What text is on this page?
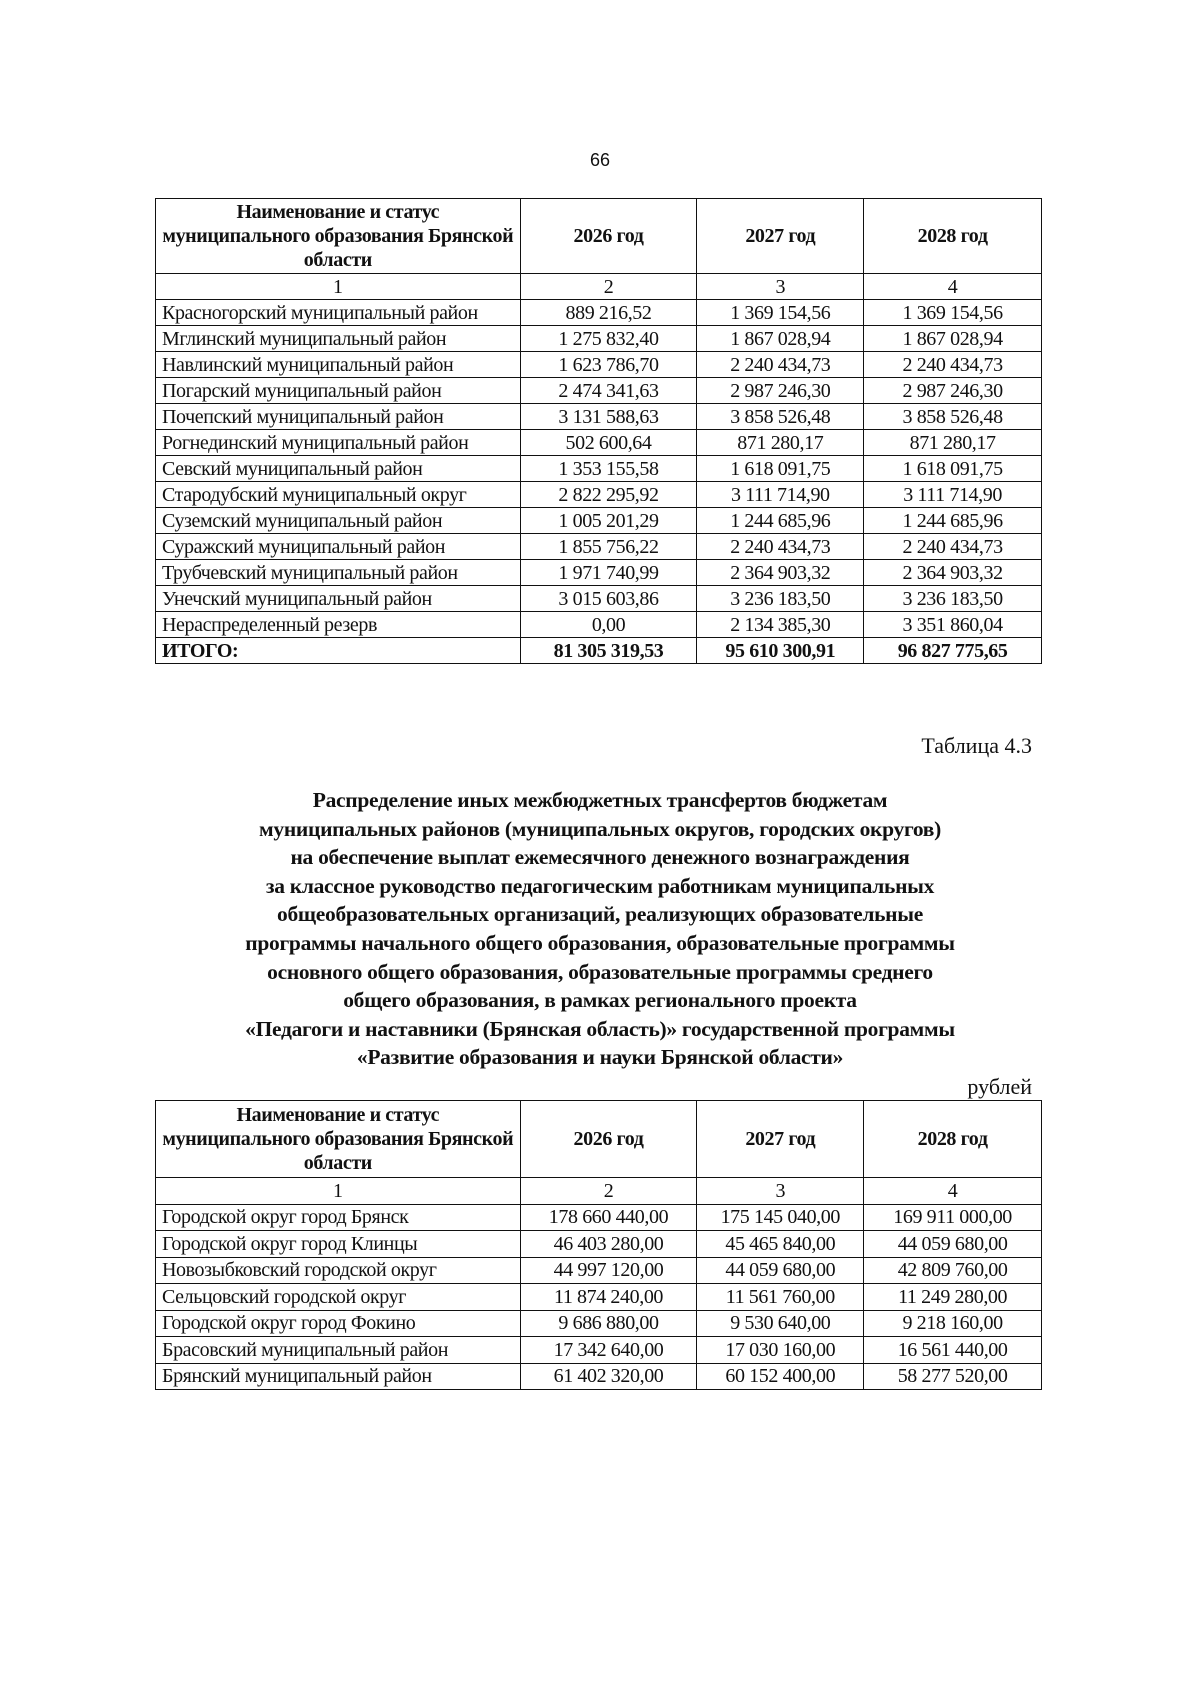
66
Наименование и статус муниципального образования Брянской области	2026 год	2027 год	2028 год
1	2	3	4
Красногорский муниципальный район	889 216,52	1 369 154,56	1 369 154,56
Мглинский муниципальный район	1 275 832,40	1 867 028,94	1 867 028,94
Навлинский муниципальный район	1 623 786,70	2 240 434,73	2 240 434,73
Погарский муниципальный район	2 474 341,63	2 987 246,30	2 987 246,30
Почепский муниципальный район	3 131 588,63	3 858 526,48	3 858 526,48
Рогнединский муниципальный район	502 600,64	871 280,17	871 280,17
Севский муниципальный район	1 353 155,58	1 618 091,75	1 618 091,75
Стародубский муниципальный округ	2 822 295,92	3 111 714,90	3 111 714,90
Суземский муниципальный район	1 005 201,29	1 244 685,96	1 244 685,96
Суражский муниципальный район	1 855 756,22	2 240 434,73	2 240 434,73
Трубчевский муниципальный район	1 971 740,99	2 364 903,32	2 364 903,32
Унечский муниципальный район	3 015 603,86	3 236 183,50	3 236 183,50
Нераспределенный резерв	0,00	2 134 385,30	3 351 860,04
ИТОГО:	81 305 319,53	95 610 300,91	96 827 775,65
Таблица 4.3
Распределение иных межбюджетных трансфертов бюджетам
муниципальных районов (муниципальных округов, городских округов)
на обеспечение выплат ежемесячного денежного вознаграждения
за классное руководство педагогическим работникам муниципальных
общеобразовательных организаций, реализующих образовательные
программы начального общего образования, образовательные программы
основного общего образования, образовательные программы среднего
общего образования, в рамках регионального проекта
«Педагоги и наставники (Брянская область)» государственной программы
«Развитие образования и науки Брянской области»
рублей
Наименование и статус муниципального образования Брянской области	2026 год	2027 год	2028 год
1	2	3	4
Городской округ город Брянск	178 660 440,00	175 145 040,00	169 911 000,00
Городской округ город Клинцы	46 403 280,00	45 465 840,00	44 059 680,00
Новозыбковский городской округ	44 997 120,00	44 059 680,00	42 809 760,00
Сельцовский городской округ	11 874 240,00	11 561 760,00	11 249 280,00
Городской округ город Фокино	9 686 880,00	9 530 640,00	9 218 160,00
Брасовский муниципальный район	17 342 640,00	17 030 160,00	16 561 440,00
Брянский муниципальный район	61 402 320,00	60 152 400,00	58 277 520,00
